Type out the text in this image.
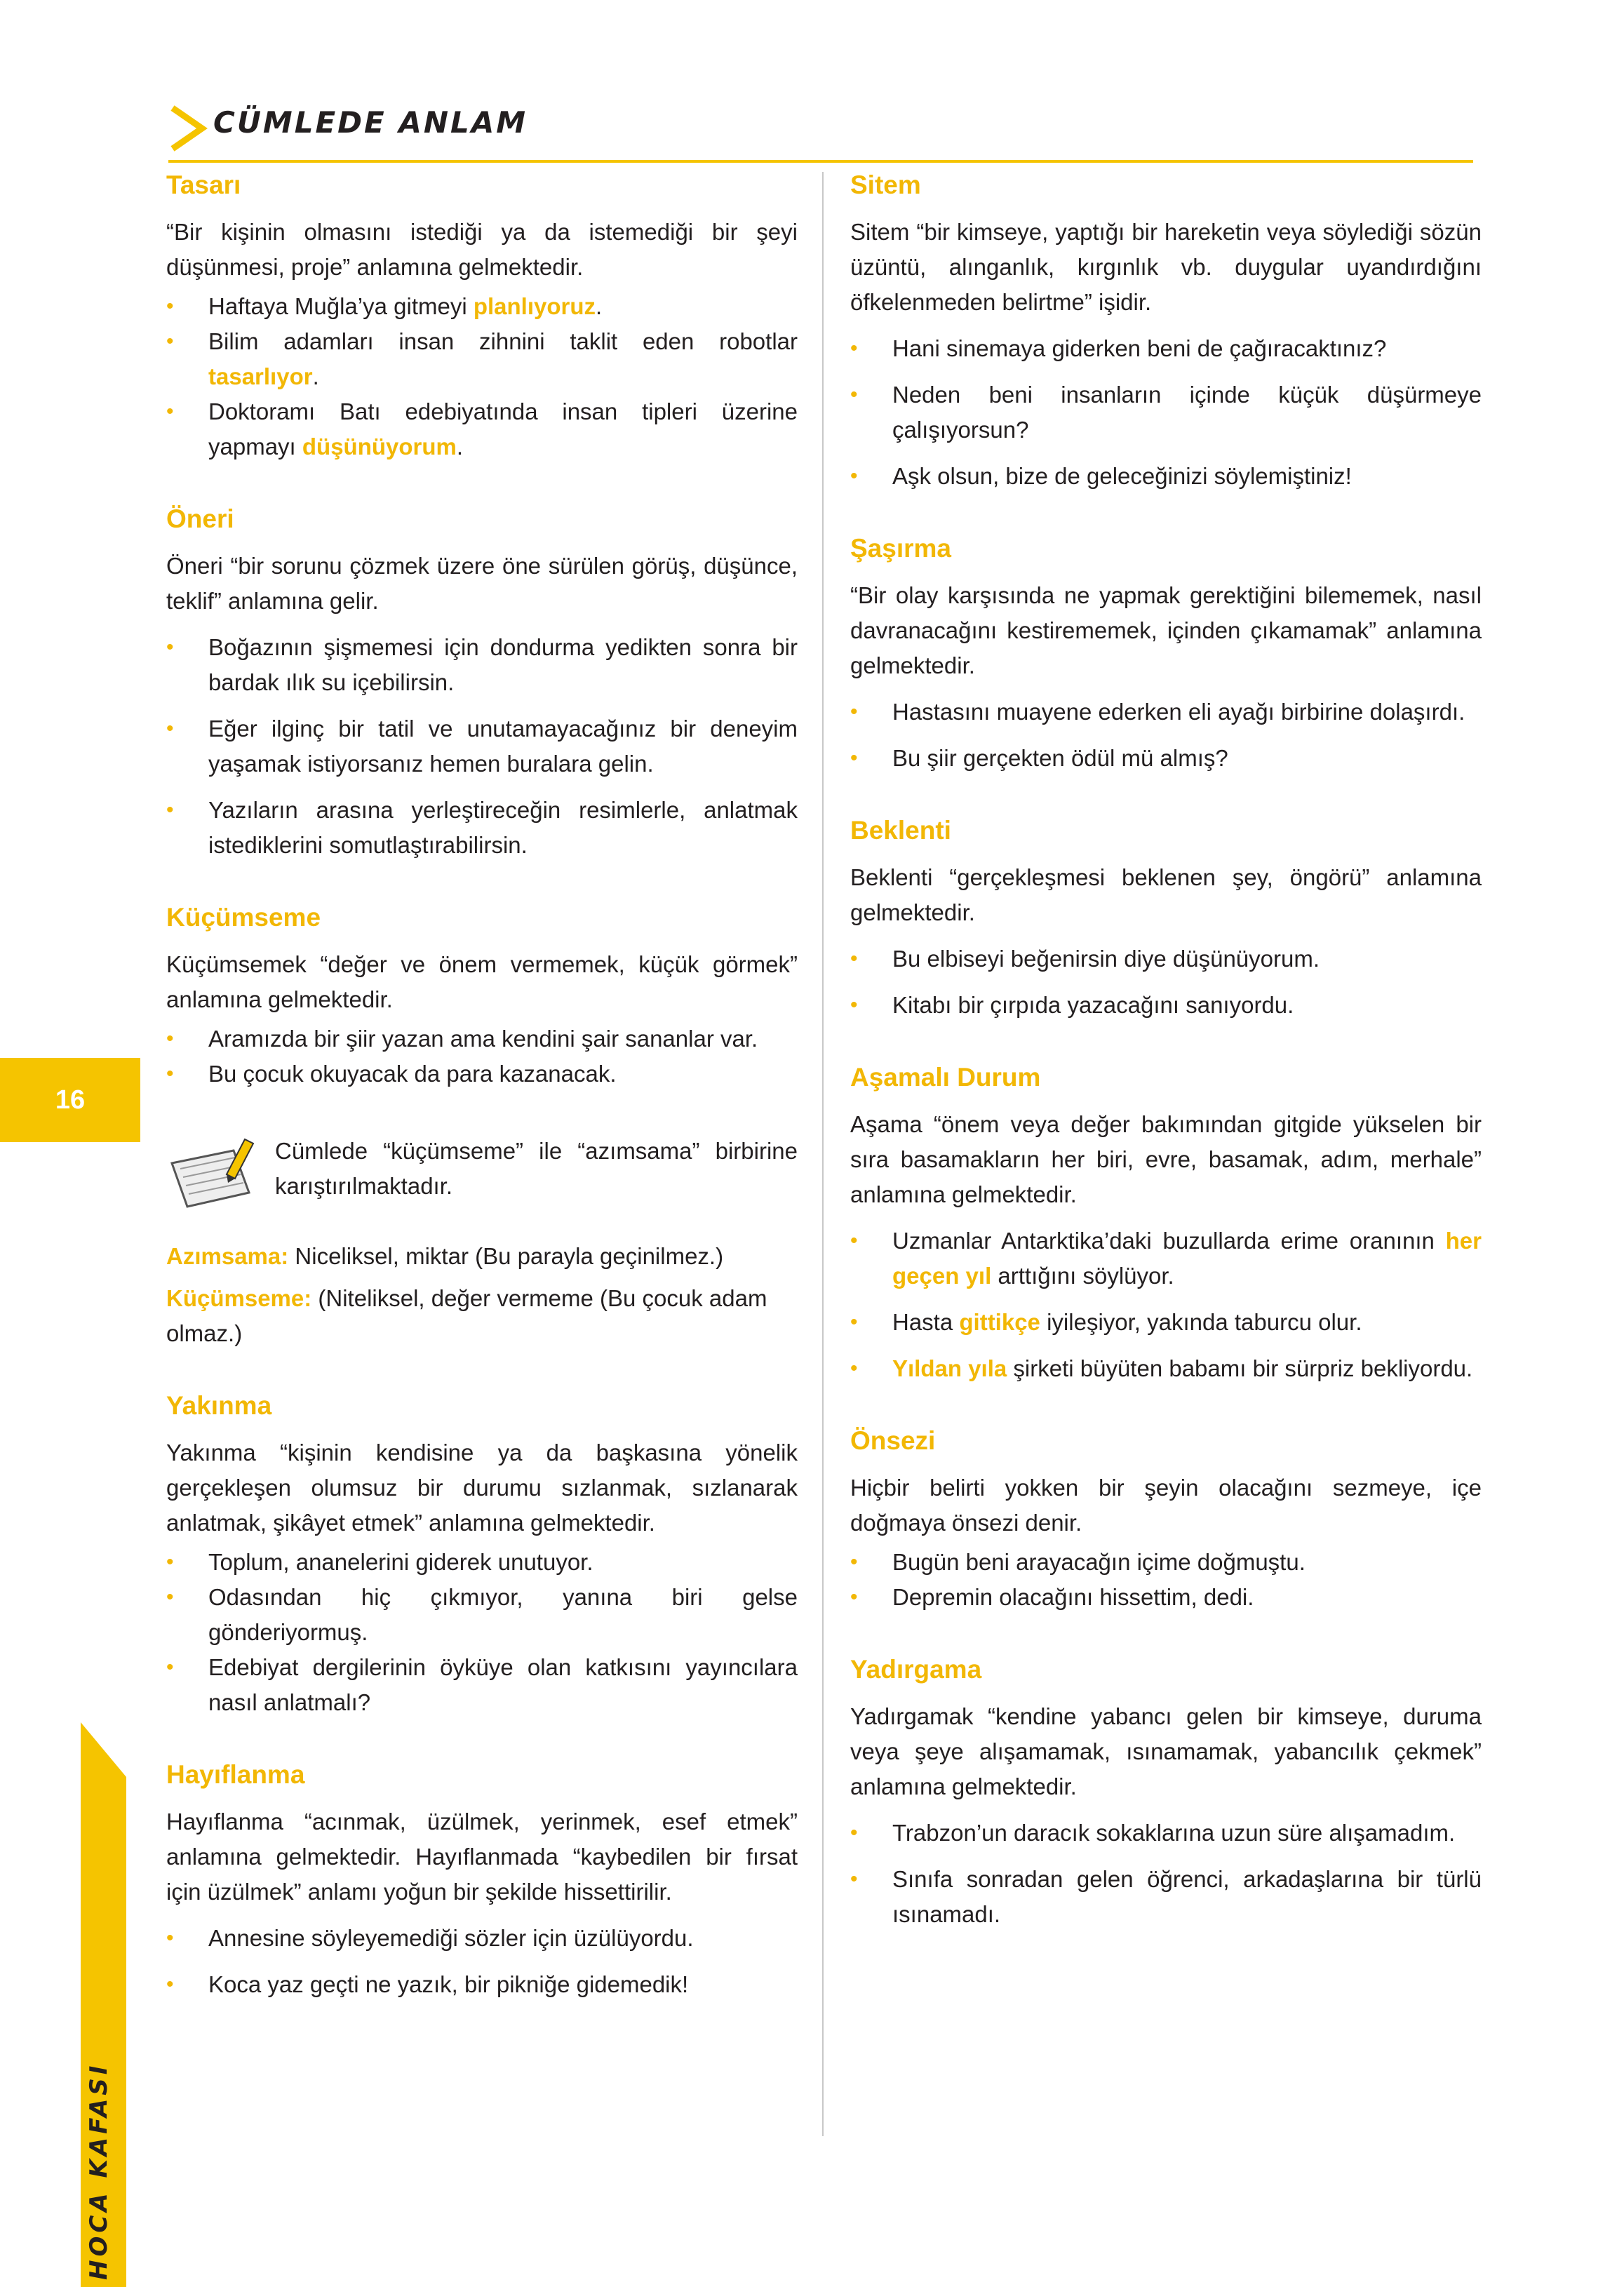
CÜMLEDE ANLAM
Tasarı

“Bir kişinin olmasını istediği ya da istemediği bir şeyi düşünmesi, proje” anlamına gelmektedir.

• Haftaya Muğla’ya gitmeyi planlıyoruz.
• Bilim adamları insan zihnini taklit eden robotlar tasarlıyor.
• Doktoramı Batı edebiyatında insan tipleri üzerine yapmayı düşünüyorum.
Öneri

Öneri “bir sorunu çözmek üzere öne sürülen görüş, düşünce, teklif” anlamına gelir.

• Boğazının şişmemesi için dondurma yedikten sonra bir bardak ılık su içebilirsin.
• Eğer ilginç bir tatil ve unutamayacağınız bir deneyim yaşamak istiyorsanız hemen buralara gelin.
• Yazıların arasına yerleştireceğin resimlerle, anlatmak istediklerini somutlaştırabilirsin.
Küçümseme

Küçümsemek “değer ve önem vermemek, küçük görmek” anlamına gelmektedir.

• Aramızda bir şiir yazan ama kendini şair sananlar var.
• Bu çocuk okuyacak da para kazanacak.
Cümlede “küçümseme” ile “azımsama” birbirine karıştırılmaktadır.

Azımsama: Niceliksel, miktar (Bu parayla geçinilmez.)

Küçümseme: (Niteliksel, değer vermeme (Bu çocuk adam olmaz.)

Yakınma

Yakınma “kişinin kendisine ya da başkasına yönelik gerçekleşen olumsuz bir durumu sızlanmak, sızlanarak anlatmak, şikâyet etmek” anlamına gelmektedir.

• Toplum, ananelerini giderek unutuyor.
• Odasından hiç çıkmıyor, yanına biri gelse gönderiyormuş.
• Edebiyat dergilerinin öyküye olan katkısını yayıncılara nasıl anlatmalı?
Hayıflanma

Hayıflanma “acınmak, üzülmek, yerinmek, esef etmek” anlamına gelmektedir. Hayıflanmada “kaybedilen bir fırsat için üzülmek” anlamı yoğun bir şekilde hissettirilir.

• Annesine söyleyemediği sözler için üzülüyordu.
• Koca yaz geçti ne yazık, bir pikniğe gidemedik!
Sitem

Sitem “bir kimseye, yaptığı bir hareketin veya söylediği sözün üzüntü, alınganlık, kırgınlık vb. duygular uyandırdığını öfkelenmeden belirtme” işidir.

• Hani sinemaya giderken beni de çağıracaktınız?
• Neden beni insanların içinde küçük düşürmeye çalışıyorsun?
• Aşk olsun, bize de geleceğinizi söylemiştiniz!
Şaşırma

“Bir olay karşısında ne yapmak gerektiğini bilememek, nasıl davranacağını kestirememek, içinden çıkamamak” anlamına gelmektedir.

• Hastasını muayene ederken eli ayağı birbirine dolaşırdı.
• Bu şiir gerçekten ödül mü almış?
Beklenti

Beklenti “gerçekleşmesi beklenen şey, öngörü” anlamına gelmektedir.

• Bu elbiseyi beğenirsin diye düşünüyorum.
• Kitabı bir çırpıda yazacağını sanıyordu.
Aşamalı Durum

Aşama “önem veya değer bakımından gitgide yükselen bir sıra basamakların her biri, evre, basamak, adım, merhale” anlamına gelmektedir.

• Uzmanlar Antarktika’daki buzullarda erime oranının her geçen yıl arttığını söylüyor.
• Hasta gittikçe iyileşiyor, yakında taburcu olur.
• Yıldan yıla şirketi büyüten babamı bir sürpriz bekliyordu.
Önsezi

Hiçbir belirti yokken bir şeyin olacağını sezmeye, içe doğmaya önsezi denir.

• Bugün beni arayacağın içime doğmuştu.
• Depremin olacağını hissettim, dedi.
Yadırgama

Yadırgamak “kendine yabancı gelen bir kimseye, duruma veya şeye alışamamak, ısınamamak, yabancılık çekmek” anlamına gelmektedir.

• Trabzon’un daracık sokaklarına uzun süre alışamadım.
• Sınıfa sonradan gelen öğrenci, arkadaşlarına bir türlü ısınamadı.
16
HOCA KAFASI
